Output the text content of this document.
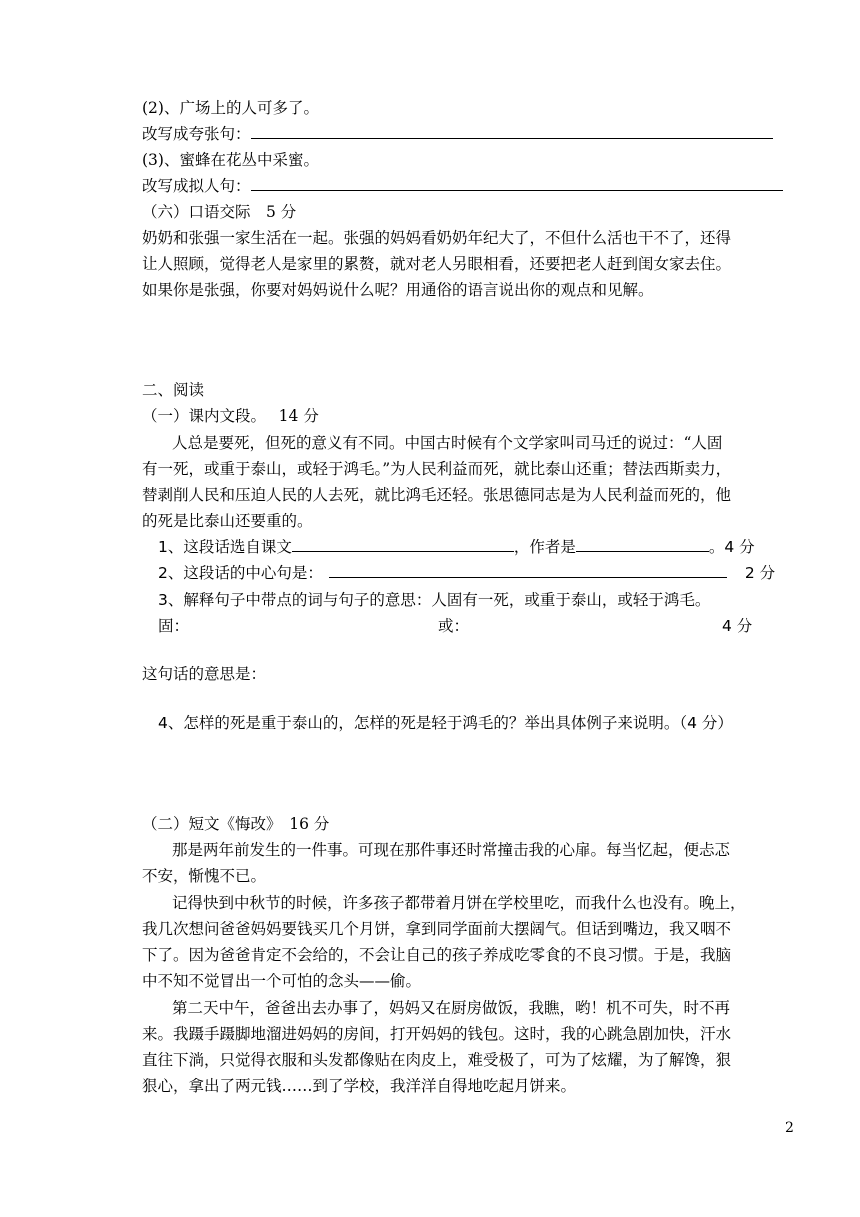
(2)、广场上的人可多了。
改写成夸张句：
(3)、蜜蜂在花丛中采蜜。
改写成拟人句：
（六）口语交际　5 分
奶奶和张强一家生活在一起。张强的妈妈看奶奶年纪大了，不但什么活也干不了，还得
让人照顾，觉得老人是家里的累赘，就对老人另眼相看，还要把老人赶到闺女家去住。
如果你是张强，你要对妈妈说什么呢？用通俗的语言说出你的观点和见解。
二、阅读
（一）课内文段。　 14 分
人总是要死，但死的意义有不同。中国古时候有个文学家叫司马迁的说过：“人固
有一死，或重于泰山，或轻于鸿毛。”为人民利益而死，就比泰山还重；替法西斯卖力，
替剥削人民和压迫人民的人去死，就比鸿毛还轻。张思德同志是为人民利益而死的，他
的死是比泰山还要重的。
1、这段话选自课文	，作者是	。4 分
2、这段话的中心句是：	2 分
3、解释句子中带点的词与句子的意思：人固有一死，或重于泰山，或轻于鸿毛。
固：	或：	4 分
这句话的意思是：
4、怎样的死是重于泰山的，怎样的死是轻于鸿毛的？举出具体例子来说明。（4 分）
（二）短文《悔改》　16 分
那是两年前发生的一件事。可现在那件事还时常撞击我的心扉。每当忆起，便忐忑
不安，惭愧不已。
记得快到中秋节的时候，许多孩子都带着月饼在学校里吃，而我什么也没有。晚上，
我几次想问爸爸妈妈要钱买几个月饼，拿到同学面前大摆阔气。但话到嘴边，我又咽不
下了。因为爸爸肯定不会给的，不会让自己的孩子养成吃零食的不良习惯。于是，我脑
中不知不觉冒出一个可怕的念头——偷。
第二天中午，爸爸出去办事了，妈妈又在厨房做饭，我瞧，哟！机不可失，时不再
来。我蹑手蹑脚地溜进妈妈的房间，打开妈妈的钱包。这时，我的心跳急剧加快，汗水
直往下淌，只觉得衣服和头发都像贴在肉皮上，难受极了，可为了炫耀，为了解馋，狠
狠心，拿出了两元钱……到了学校，我洋洋自得地吃起月饼来。
2
